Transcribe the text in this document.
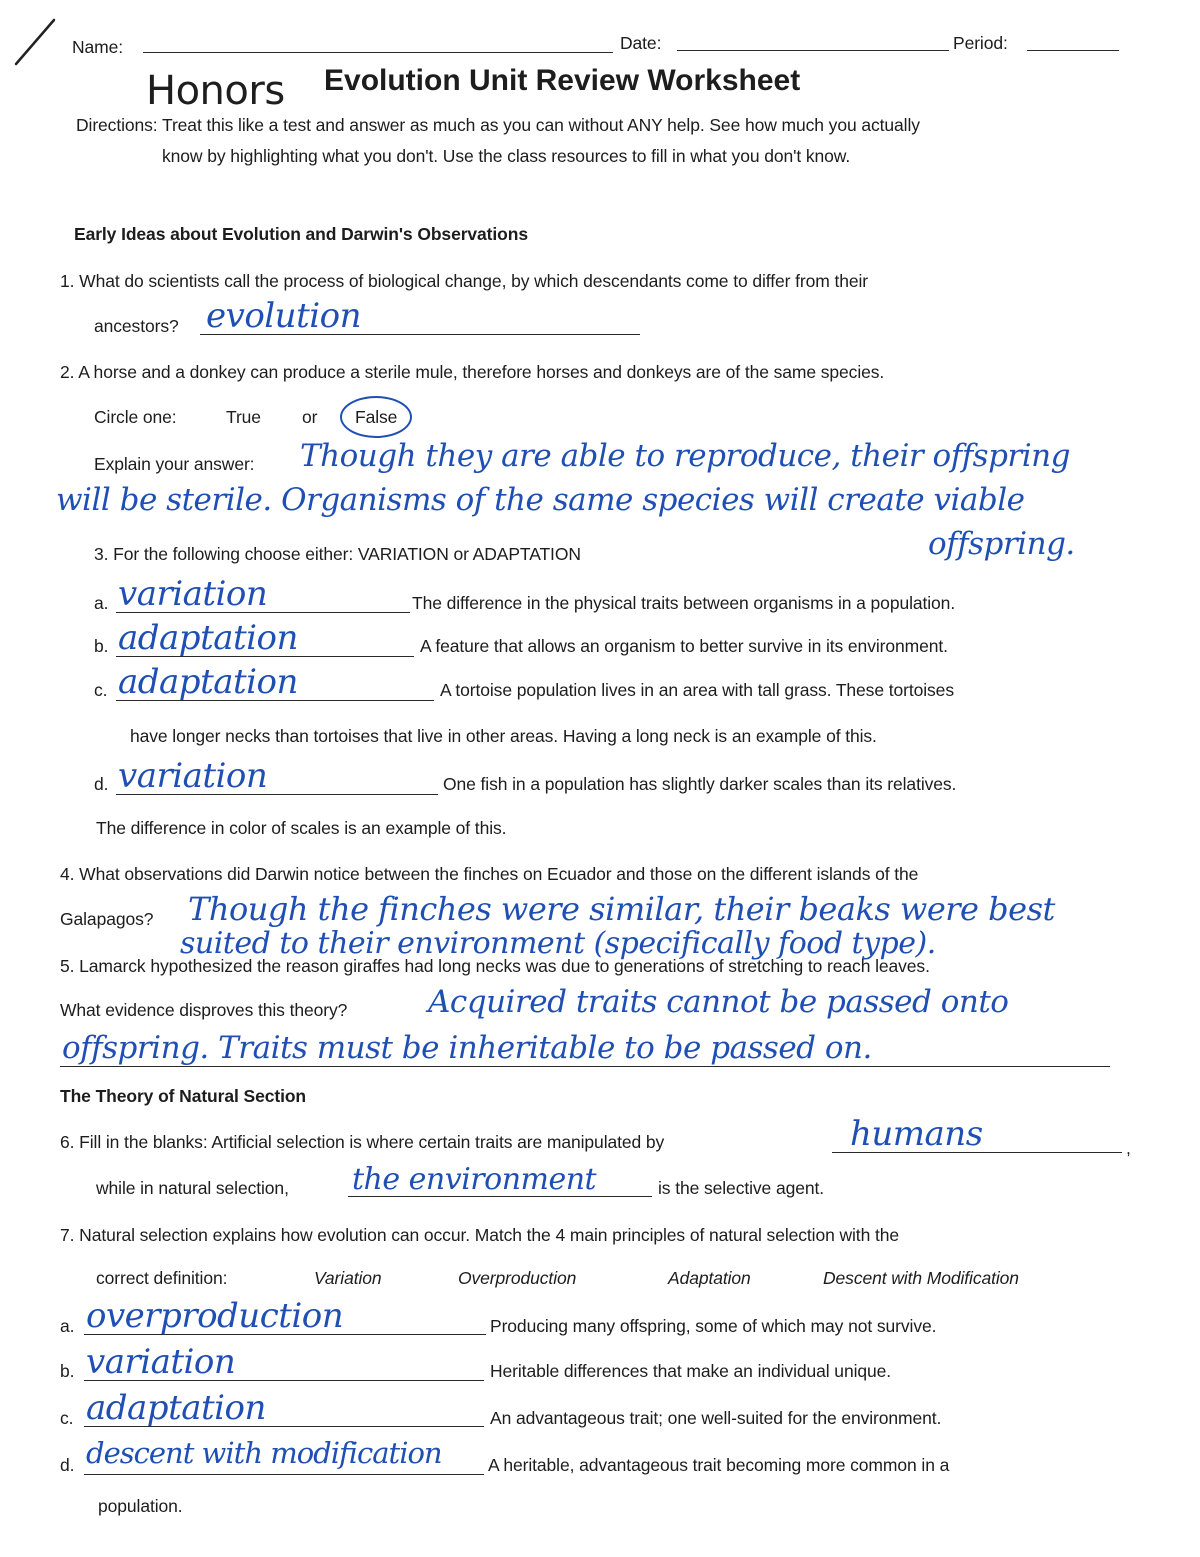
Name:	Date:	Period:
Honors Evolution Unit Review Worksheet
Directions: Treat this like a test and answer as much as you can without ANY help. See how much you actually
know by highlighting what you don't. Use the class resources to fill in what you don't know.
Early Ideas about Evolution and Darwin's Observations
1. What do scientists call the process of biological change, by which descendants come to differ from their
ancestors? evolution
2. A horse and a donkey can produce a sterile mule, therefore horses and donkeys are of the same species.
Circle one:	True or False
Explain your answer: Though they are able to reproduce, their offspring
will be sterile. Organisms of the same species will create viable
offspring.
3. For the following choose either: VARIATION or ADAPTATION
a. variation	The difference in the physical traits between organisms in a population.
b. adaptation	A feature that allows an organism to better survive in its environment.
c. adaptation	A tortoise population lives in an area with tall grass. These tortoises
have longer necks than tortoises that live in other areas. Having a long neck is an example of this.
d. variation	One fish in a population has slightly darker scales than its relatives.
The difference in color of scales is an example of this.
4. What observations did Darwin notice between the finches on Ecuador and those on the different islands of the
Galapagos? Though the finches were similar, their beaks were best
suited to their environment (specifically food type).
5. Lamarck hypothesized the reason giraffes had long necks was due to generations of stretching to reach leaves.
What evidence disproves this theory?	Acquired traits cannot be passed onto
offspring. Traits must be inheritable to be passed on.
The Theory of Natural Section
6. Fill in the blanks: Artificial selection is where certain traits are manipulated by	humans	,
while in natural selection, the environment	is the selective agent.
7. Natural selection explains how evolution can occur. Match the 4 main principles of natural selection with the
correct definition:	Variation	Overproduction	Adaptation	Descent with Modification
a. overproduction	Producing many offspring, some of which may not survive.
b. variation	Heritable differences that make an individual unique.
c. adaptation	An advantageous trait; one well-suited for the environment.
d. descent with modification	A heritable, advantageous trait becoming more common in a
population.
